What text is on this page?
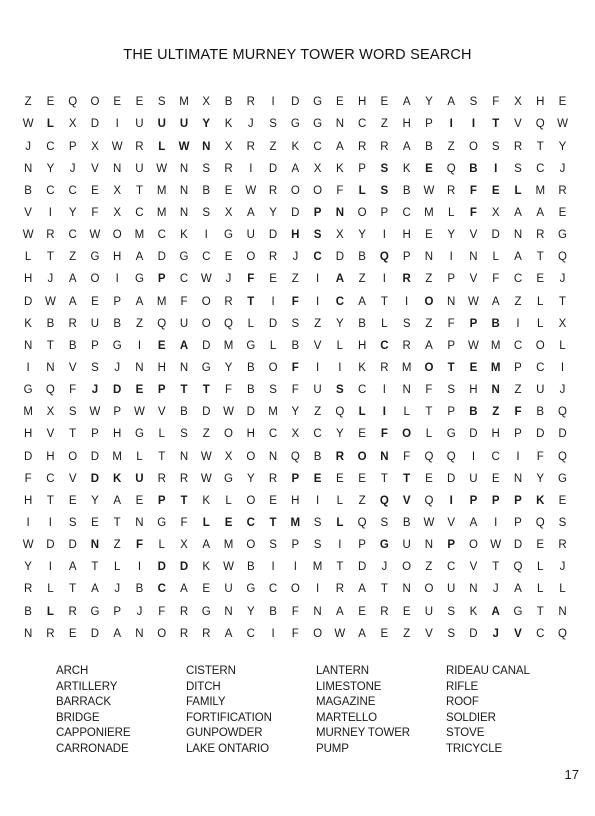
THE ULTIMATE MURNEY TOWER WORD SEARCH
Z	E	Q	O	E	E	S	M	X	B	R	I	D	G	E	H	E	A	Y	A	S	F	X	H	E
W	L	X	D	I	U	U	U	Y	K	J	S	G	G	N	C	Z	H	P	I	I	T	V	Q	W
J	C	P	X	W	R	L	W	N	X	R	Z	K	C	A	R	R	A	B	Z	O	S	R	T	Y
N	Y	J	V	N	U	W	N	S	R	I	D	A	X	K	P	S	K	E	Q	B	I	S	C	J
B	C	C	E	X	T	M	N	B	E	W	R	O	O	F	L	S	B	W	R	F	E	L	M	R
V	I	Y	F	X	C	M	N	S	X	A	Y	D	P	N	O	P	C	M	L	F	X	A	A	E
W	R	C	W	O	M	C	K	I	G	U	D	H	S	X	Y	I	H	E	Y	V	D	N	R	G
L	T	Z	G	H	A	D	G	C	E	O	R	J	C	D	B	Q	P	N	I	N	L	A	T	Q
H	J	A	O	I	G	P	C	W	J	F	E	Z	I	A	Z	I	R	Z	P	V	F	C	E	J
D	W	A	E	P	A	M	F	O	R	T	I	F	I	C	A	T	I	O	N	W	A	Z	L	T
K	B	R	U	B	Z	Q	U	O	Q	L	D	S	Z	Y	B	L	S	Z	F	P	B	I	L	X
N	T	B	P	G	I	E	A	D	M	G	L	B	V	L	H	C	R	A	P	W	M	C	O	L
I	N	V	S	J	N	H	N	G	Y	B	O	F	I	I	K	R	M	O	T	E	M	P	C	I
G	Q	F	J	D	E	P	T	T	F	B	S	F	U	S	C	I	N	F	S	H	N	Z	U	J
M	X	S	W	P	W	V	B	D	W	D	M	Y	Z	Q	L	I	L	T	P	B	Z	F	B	Q
H	V	T	P	H	G	L	S	Z	O	H	C	X	C	Y	E	F	O	L	G	D	H	P	D	D
D	H	O	D	M	L	T	N	W	X	O	N	Q	B	R	O	N	F	Q	Q	I	C	I	F	Q
F	C	V	D	K	U	R	R	W	G	Y	R	P	E	E	E	T	T	E	D	U	E	N	Y	G
H	T	E	Y	A	E	P	T	K	L	O	E	H	I	L	Z	Q	V	Q	I	P	P	P	K	E
I	I	S	E	T	N	G	F	L	E	C	T	M	S	L	Q	S	B	W	V	A	I	P	Q	S
W	D	D	N	Z	F	L	X	A	M	O	S	P	S	I	P	G	U	N	P	O	W	D	E	R
Y	I	A	T	L	I	D	D	K	W	B	I	I	M	T	D	J	O	Z	C	V	T	Q	L	J
R	L	T	A	J	B	C	A	E	U	G	C	O	I	R	A	T	N	O	U	N	J	A	L	L
B	L	R	G	P	J	F	R	G	N	Y	B	F	N	A	E	R	E	U	S	K	A	G	T	N
N	R	E	D	A	N	O	R	R	A	C	I	F	O	W	A	E	Z	V	S	D	J	V	C	Q
ARCH
ARTILLERY
BARRACK
BRIDGE
CAPPONIERE
CARRONADE
CISTERN
DITCH
FAMILY
FORTIFICATION
GUNPOWDER
LAKE ONTARIO
LANTERN
LIMESTONE
MAGAZINE
MARTELLO
MURNEY TOWER
PUMP
RIDEAU CANAL
RIFLE
ROOF
SOLDIER
STOVE
TRICYCLE
17
